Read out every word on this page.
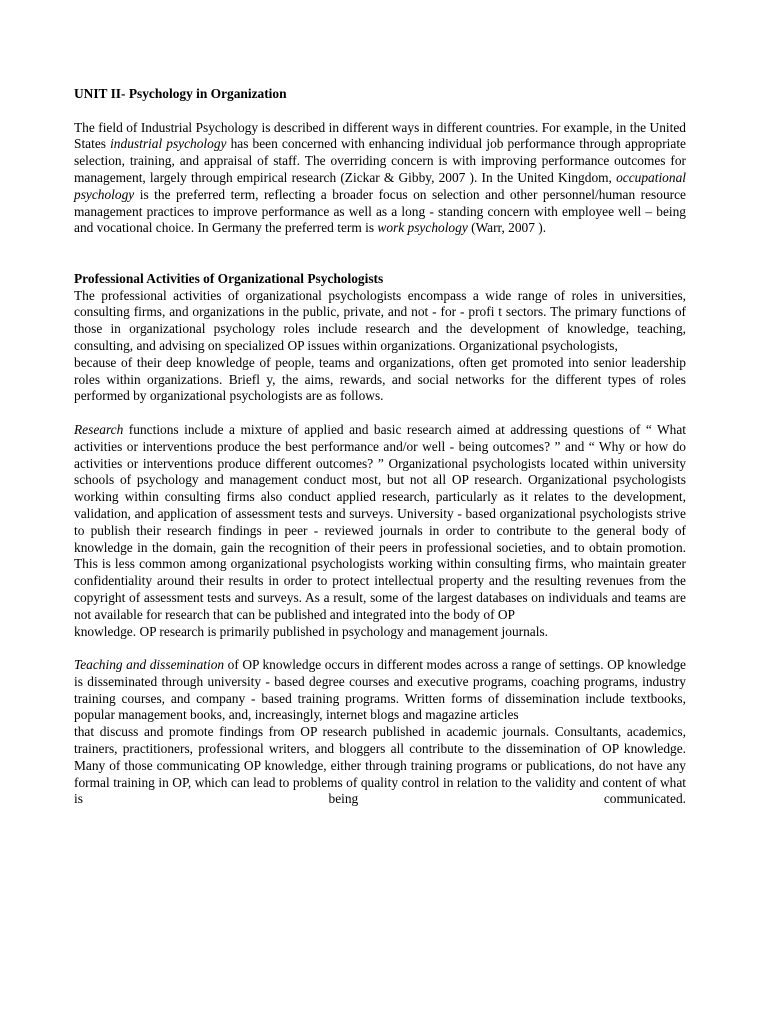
UNIT II- Psychology in Organization

The field of Industrial Psychology is described in different ways in different countries. For example, in the United States industrial psychology has been concerned with enhancing individual job performance through appropriate selection, training, and appraisal of staff. The overriding concern is with improving performance outcomes for management, largely through empirical research (Zickar & Gibby, 2007 ). In the United Kingdom, occupational psychology is the preferred term, reflecting a broader focus on selection and other personnel/human resource management practices to improve performance as well as a long - standing concern with employee well – being and vocational choice. In Germany the preferred term is work psychology (Warr, 2007 ).

Professional Activities of Organizational Psychologists

The professional activities of organizational psychologists encompass a wide range of roles in universities, consulting firms, and organizations in the public, private, and not - for - profi t sectors. The primary functions of those in organizational psychology roles include research and the development of knowledge, teaching, consulting, and advising on specialized OP issues within organizations. Organizational psychologists,

because of their deep knowledge of people, teams and organizations, often get promoted into senior leadership roles within organizations. Briefl y, the aims, rewards, and social networks for the different types of roles performed by organizational psychologists are as follows.

Research functions include a mixture of applied and basic research aimed at addressing questions of “ What activities or interventions produce the best performance and/or well - being outcomes? ” and “ Why or how do activities or interventions produce different outcomes? ” Organizational psychologists located within university schools of psychology and management conduct most, but not all OP research. Organizational psychologists working within consulting firms also conduct applied research, particularly as it relates to the development, validation, and application of assessment tests and surveys. University - based organizational psychologists strive to publish their research findings in peer - reviewed journals in order to contribute to the general body of knowledge in the domain, gain the recognition of their peers in professional societies, and to obtain promotion. This is less common among organizational psychologists working within consulting firms, who maintain greater confidentiality around their results in order to protect intellectual property and the resulting revenues from the copyright of assessment tests and surveys. As a result, some of the largest databases on individuals and teams are not available for research that can be published and integrated into the body of OP

knowledge. OP research is primarily published in psychology and management journals.

Teaching and dissemination of OP knowledge occurs in different modes across a range of settings. OP knowledge is disseminated through university - based degree courses and executive programs, coaching programs, industry training courses, and company - based training programs. Written forms of dissemination include textbooks, popular management books, and, increasingly, internet blogs and magazine articles

that discuss and promote findings from OP research published in academic journals. Consultants, academics, trainers, practitioners, professional writers, and bloggers all contribute to the dissemination of OP knowledge. Many of those communicating OP knowledge, either through training programs or publications, do not have any formal training in OP, which can lead to problems of quality control in relation to the validity and content of what is being communicated.
